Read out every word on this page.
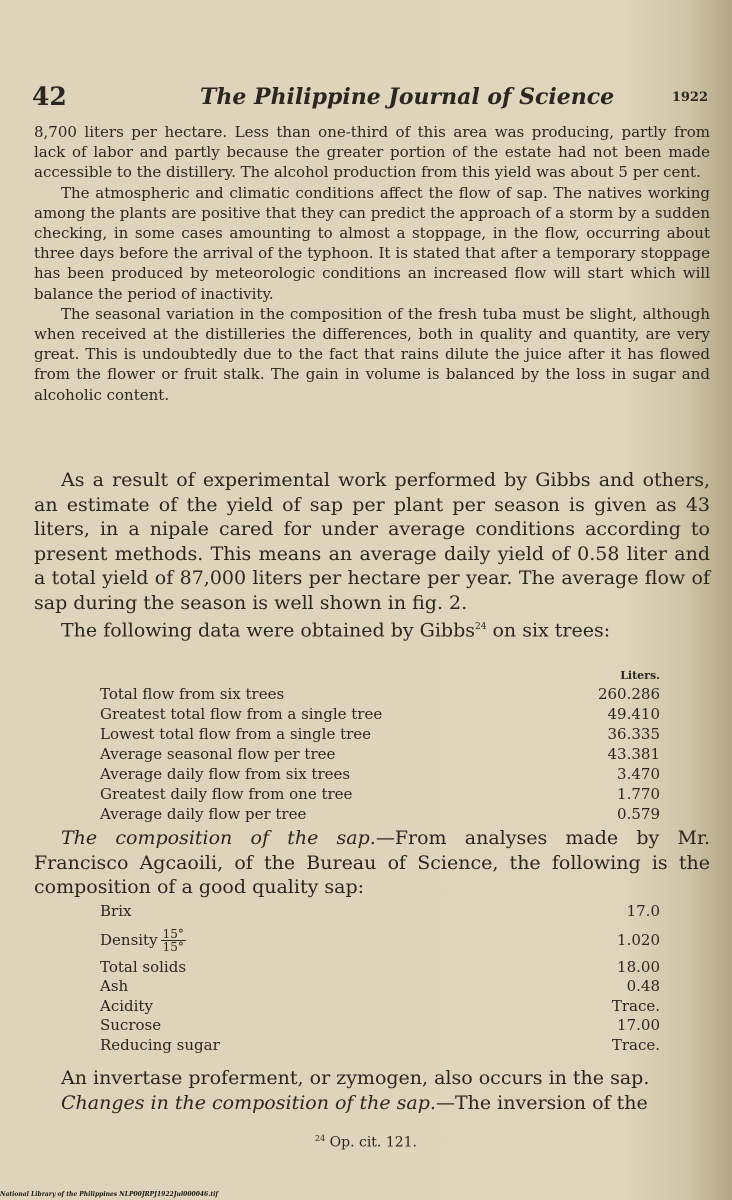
42	The Philippine Journal of Science	1922

8,700 liters per hectare. Less than one-third of this area was producing, partly from lack of labor and partly because the greater portion of the estate had not been made accessible to the distillery. The alcohol production from this yield was about 5 per cent.

The atmospheric and climatic conditions affect the flow of sap. The natives working among the plants are positive that they can predict the approach of a storm by a sudden checking, in some cases amounting to almost a stoppage, in the flow, occurring about three days before the arrival of the typhoon. It is stated that after a temporary stoppage has been produced by meteorologic conditions an increased flow will start which will balance the period of inactivity.

The seasonal variation in the composition of the fresh tuba must be slight, although when received at the distilleries the differences, both in quality and quantity, are very great. This is undoubtedly due to the fact that rains dilute the juice after it has flowed from the flower or fruit stalk. The gain in volume is balanced by the loss in sugar and alcoholic content.

As a result of experimental work performed by Gibbs and others, an estimate of the yield of sap per plant per season is given as 43 liters, in a nipale cared for under average conditions according to present methods. This means an average daily yield of 0.58 liter and a total yield of 87,000 liters per hectare per year. The average flow of sap during the season is well shown in fig. 2.

The following data were obtained by Gibbs$^{24}$ on six trees:

Liters.
Total flow from six trees	260.286
Greatest total flow from a single tree	49.410
Lowest total flow from a single tree	36.335
Average seasonal flow per tree	43.381
Average daily flow from six trees	3.470
Greatest daily flow from one tree	1.770
Average daily flow per tree	0.579

The composition of the sap.—From analyses made by Mr. Francisco Agcaoili, of the Bureau of Science, the following is the composition of a good quality sap:

Brix	17.0
Density $\frac{15^\circ}{15^\circ}$	1.020
Total solids	18.00
Ash	0.48
Acidity	Trace.
Sucrose	17.00
Reducing sugar	Trace.

An invertase proferment, or zymogen, also occurs in the sap.

Changes in the composition of the sap.—The inversion of the

$^{24}$ Op. cit. 121.
National Library of the Philippines NLP00JRPJ1922Jul000046.tif
